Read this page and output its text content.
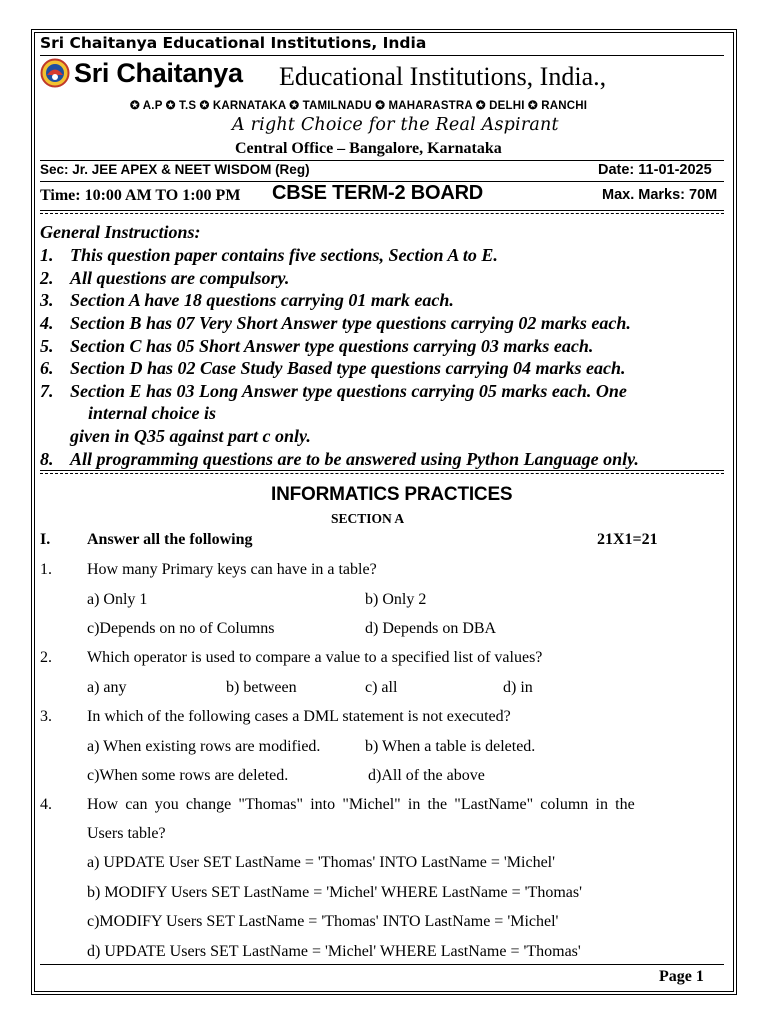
Sri Chaitanya Educational Institutions, India
Sri Chaitanya Educational Institutions, India.,
✪ A.P ✪ T.S ✪ KARNATAKA ✪ TAMILNADU ✪ MAHARASTRA ✪ DELHI ✪ RANCHI
A right Choice for the Real Aspirant
Central Office – Bangalore, Karnataka
Sec: Jr. JEE APEX & NEET WISDOM (Reg)	Date: 11-01-2025
Time: 10:00 AM TO 1:00 PM CBSE TERM-2 BOARD	Max. Marks: 70M
General Instructions:
1. This question paper contains five sections, Section A to E.
2. All questions are compulsory.
3. Section A have 18 questions carrying 01 mark each.
4. Section B has 07 Very Short Answer type questions carrying 02 marks each.
5. Section C has 05 Short Answer type questions carrying 03 marks each.
6. Section D has 02 Case Study Based type questions carrying 04 marks each.
7. Section E has 03 Long Answer type questions carrying 05 marks each. One
internal choice is
given in Q35 against part c only.
8. All programming questions are to be answered using Python Language only.
INFORMATICS PRACTICES
SECTION A
I. Answer all the following	21X1=21
1. How many Primary keys can have in a table?
a) Only 1	b) Only 2
c)Depends on no of Columns	d) Depends on DBA
2. Which operator is used to compare a value to a specified list of values?
a) any	b) between	c) all	d) in
3. In which of the following cases a DML statement is not executed?
a) When existing rows are modified.	b) When a table is deleted.
c)When some rows are deleted.	d)All of the above
4. How can you change "Thomas" into "Michel" in the "LastName" column in the
Users table?
a) UPDATE User SET LastName = 'Thomas' INTO LastName = 'Michel'
b) MODIFY Users SET LastName = 'Michel' WHERE LastName = 'Thomas'
c)MODIFY Users SET LastName = 'Thomas' INTO LastName = 'Michel'
d) UPDATE Users SET LastName = 'Michel' WHERE LastName = 'Thomas'
Page 1
